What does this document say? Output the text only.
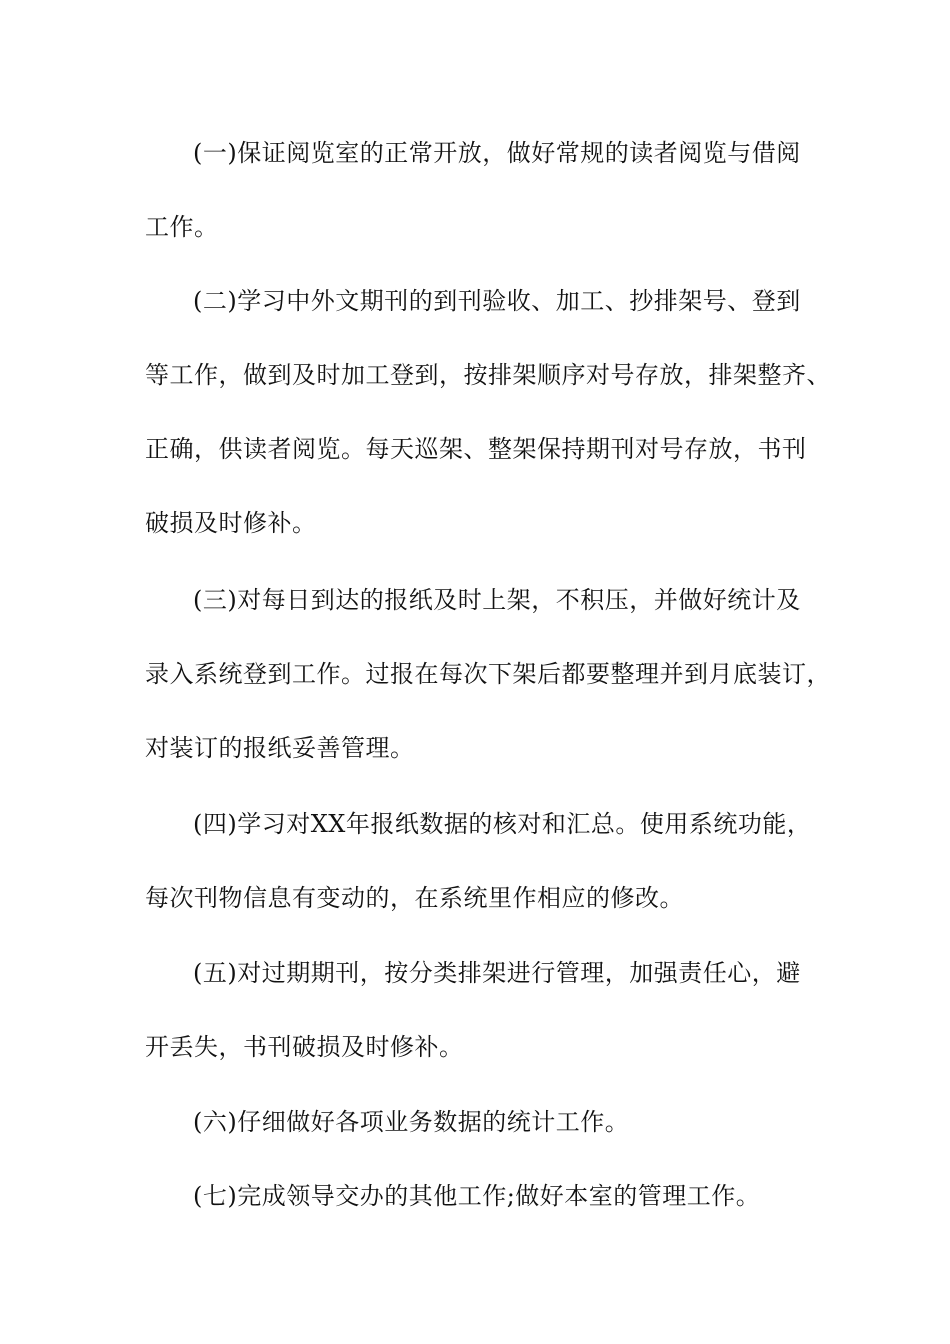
(一)保证阅览室的正常开放，做好常规的读者阅览与借阅
工作。
(二)学习中外文期刊的到刊验收、加工、抄排架号、登到
等工作，做到及时加工登到，按排架顺序对号存放，排架整齐、
正确，供读者阅览。每天巡架、整架保持期刊对号存放，书刊
破损及时修补。
(三)对每日到达的报纸及时上架，不积压，并做好统计及
录入系统登到工作。过报在每次下架后都要整理并到月底装订，
对装订的报纸妥善管理。
(四)学习对XX年报纸数据的核对和汇总。使用系统功能，
每次刊物信息有变动的，在系统里作相应的修改。
(五)对过期期刊，按分类排架进行管理，加强责任心，避
开丢失，书刊破损及时修补。
(六)仔细做好各项业务数据的统计工作。
(七)完成领导交办的其他工作;做好本室的管理工作。
